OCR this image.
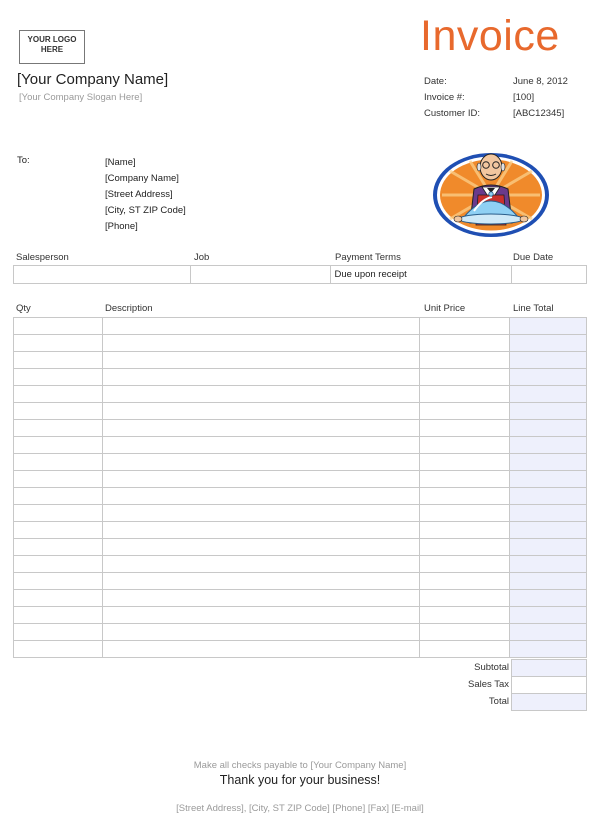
YOUR LOGO
HERE	Invoice
[Your Company Name]
[Your Company Slogan Here]
Date:	June 8, 2012
Invoice #:	[100]
Customer ID:	[ABC12345]
To:	[Name]
[Company Name]
[Street Address]
[City, ST ZIP Code]
[Phone]
Salesperson	Job	Payment Terms	Due Date
		Due upon receipt	
Qty	Description	Unit Price	Line Total

Subtotal
Sales Tax
Total

Make all checks payable to [Your Company Name]
Thank you for your business!
[Street Address], [City, ST ZIP Code] [Phone] [Fax] [E-mail]
